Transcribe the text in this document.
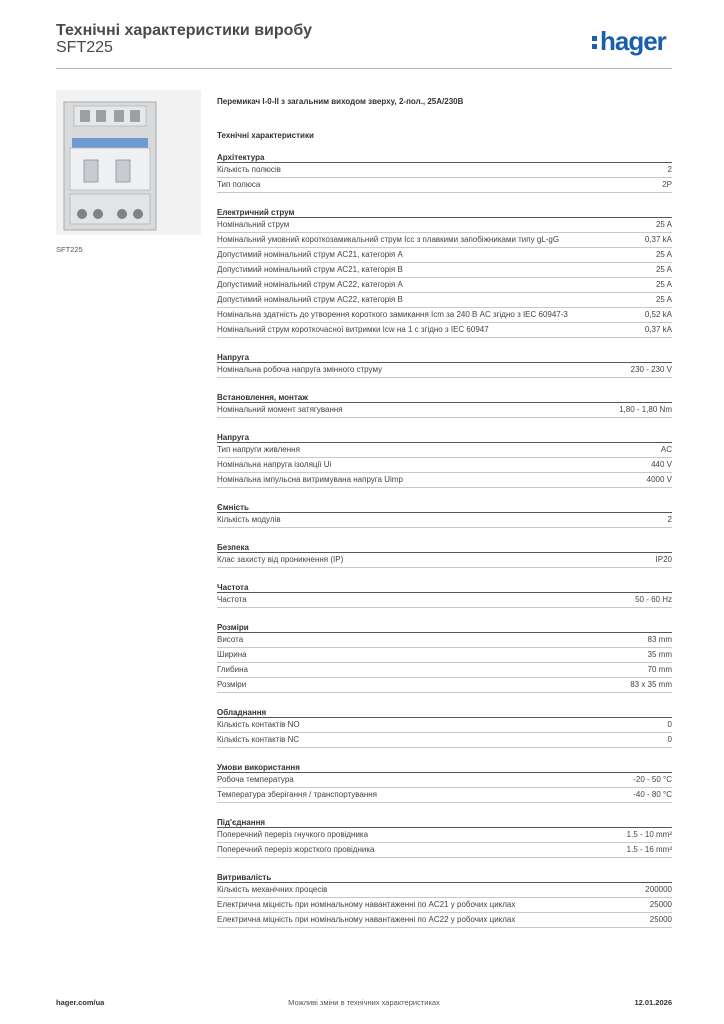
Технічні характеристики виробу
SFT225	hager
SFT225
Перемикач I-0-II з загальним виходом зверху, 2-пол., 25А/230В
Технічні характеристики
Архітектура
Кількість полюсів	2
Тип полюса	2P
Електричний струм
Номінальний струм	25 A
Номінальний умовний короткозамикальний струм Icc з плавкими запобіжниками типу gL-gG	0,37 kA
Допустимий номінальний струм AC21, категорія A	25 A
Допустимий номінальний струм AC21, категорія B	25 A
Допустимий номінальний струм AC22, категорія A	25 A
Допустимий номінальний струм AC22, категорія B	25 A
Номінальна здатність до утворення короткого замикання Icm за 240 В AC згідно з IEC 60947-3	0,52 kA
Номінальний струм короткочасної витримки Icw на 1 с згідно з IEC 60947	0,37 kA
Напруга
Номінальна робоча напруга змінного струму	230 - 230 V
Встановлення, монтаж
Номінальний момент затягування	1,80 - 1,80 Nm
Напруга
Тип напруги живлення	AC
Номінальна напруга ізоляції Ui	440 V
Номінальна імпульсна витримувана напруга Uimp	4000 V
Ємність
Кількість модулів	2
Безпека
Клас захисту від проникнення (IP)	IP20
Частота
Частота	50 - 60 Hz
Розміри
Висота	83 mm
Ширина	35 mm
Глибина	70 mm
Розміри	83 x 35 mm
Обладнання
Кількість контактів NO	0
Кількість контактів NC	0
Умови використання
Робоча температура	-20 - 50 °C
Температура зберігання / транспортування	-40 - 80 °C
Під'єднання
Поперечний переріз гнучкого провідника	1.5 - 10 mm²
Поперечний переріз жорсткого провідника	1.5 - 16 mm²
Витривалість
Кількість механічних процесів	200000
Електрична міцність при номінальному навантаженні по AC21 у робочих циклах	25000
Електрична міцність при номінальному навантаженні по AC22 у робочих циклах	25000
hager.com/ua	Можливі зміни в технічних характеристиках	12.01.2026
